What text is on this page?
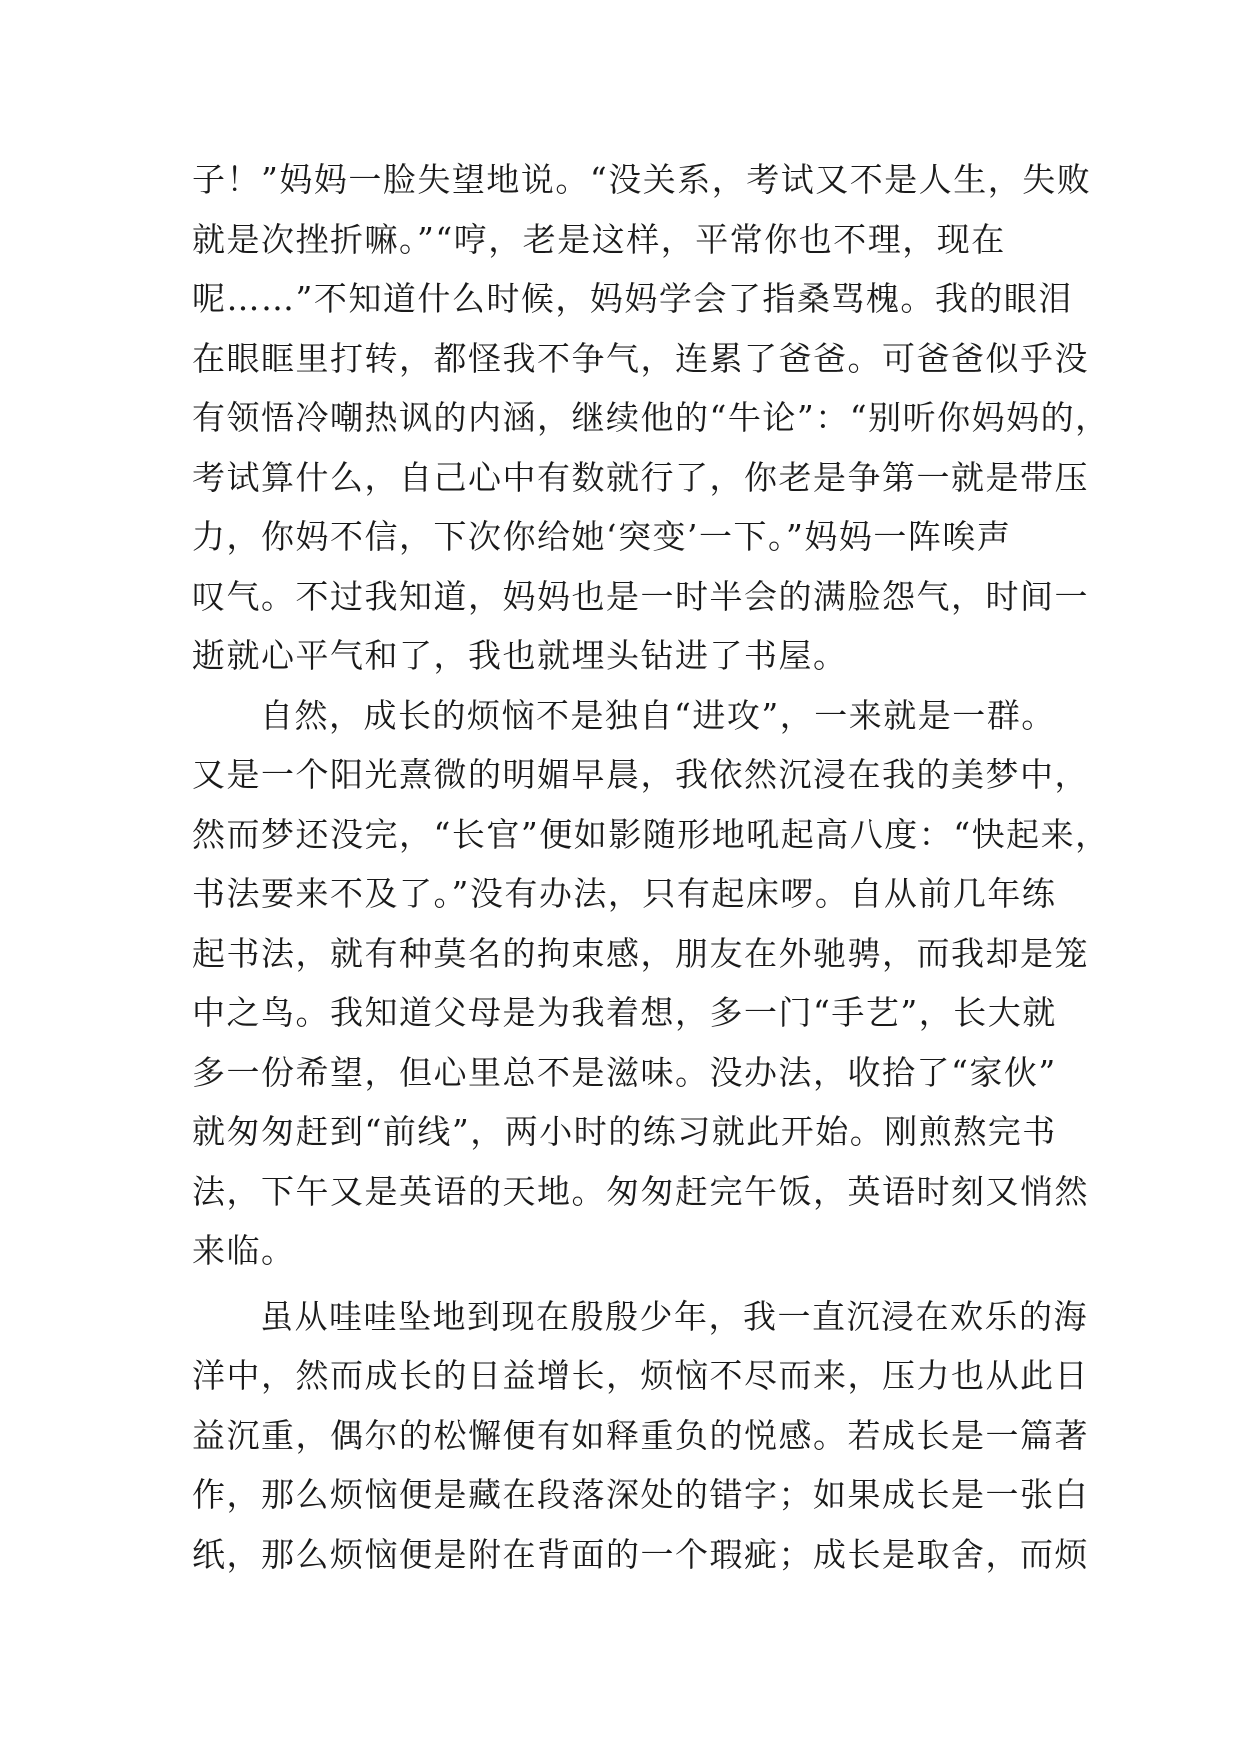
子！”妈妈一脸失望地说。“没关系，考试又不是人生，失败
就是次挫折嘛。”“哼，老是这样，平常你也不理，现在
呢……”不知道什么时候，妈妈学会了指桑骂槐。我的眼泪
在眼眶里打转，都怪我不争气，连累了爸爸。可爸爸似乎没
有领悟冷嘲热讽的内涵，继续他的“牛论”：“别听你妈妈的，
考试算什么，自己心中有数就行了，你老是争第一就是带压
力，你妈不信，下次你给她‘突变’一下。”妈妈一阵唉声
叹气。不过我知道，妈妈也是一时半会的满脸怨气，时间一
逝就心平气和了，我也就埋头钻进了书屋。
自然，成长的烦恼不是独自“进攻”，一来就是一群。
又是一个阳光熹微的明媚早晨，我依然沉浸在我的美梦中，
然而梦还没完，“长官”便如影随形地吼起高八度：“快起来，
书法要来不及了。”没有办法，只有起床啰。自从前几年练
起书法，就有种莫名的拘束感，朋友在外驰骋，而我却是笼
中之鸟。我知道父母是为我着想，多一门“手艺”，长大就
多一份希望，但心里总不是滋味。没办法，收拾了“家伙”
就匆匆赶到“前线”，两小时的练习就此开始。刚煎熬完书
法，下午又是英语的天地。匆匆赶完午饭，英语时刻又悄然
来临。
虽从哇哇坠地到现在殷殷少年，我一直沉浸在欢乐的海
洋中，然而成长的日益增长，烦恼不尽而来，压力也从此日
益沉重，偶尔的松懈便有如释重负的悦感。若成长是一篇著
作，那么烦恼便是藏在段落深处的错字；如果成长是一张白
纸，那么烦恼便是附在背面的一个瑕疵；成长是取舍，而烦
